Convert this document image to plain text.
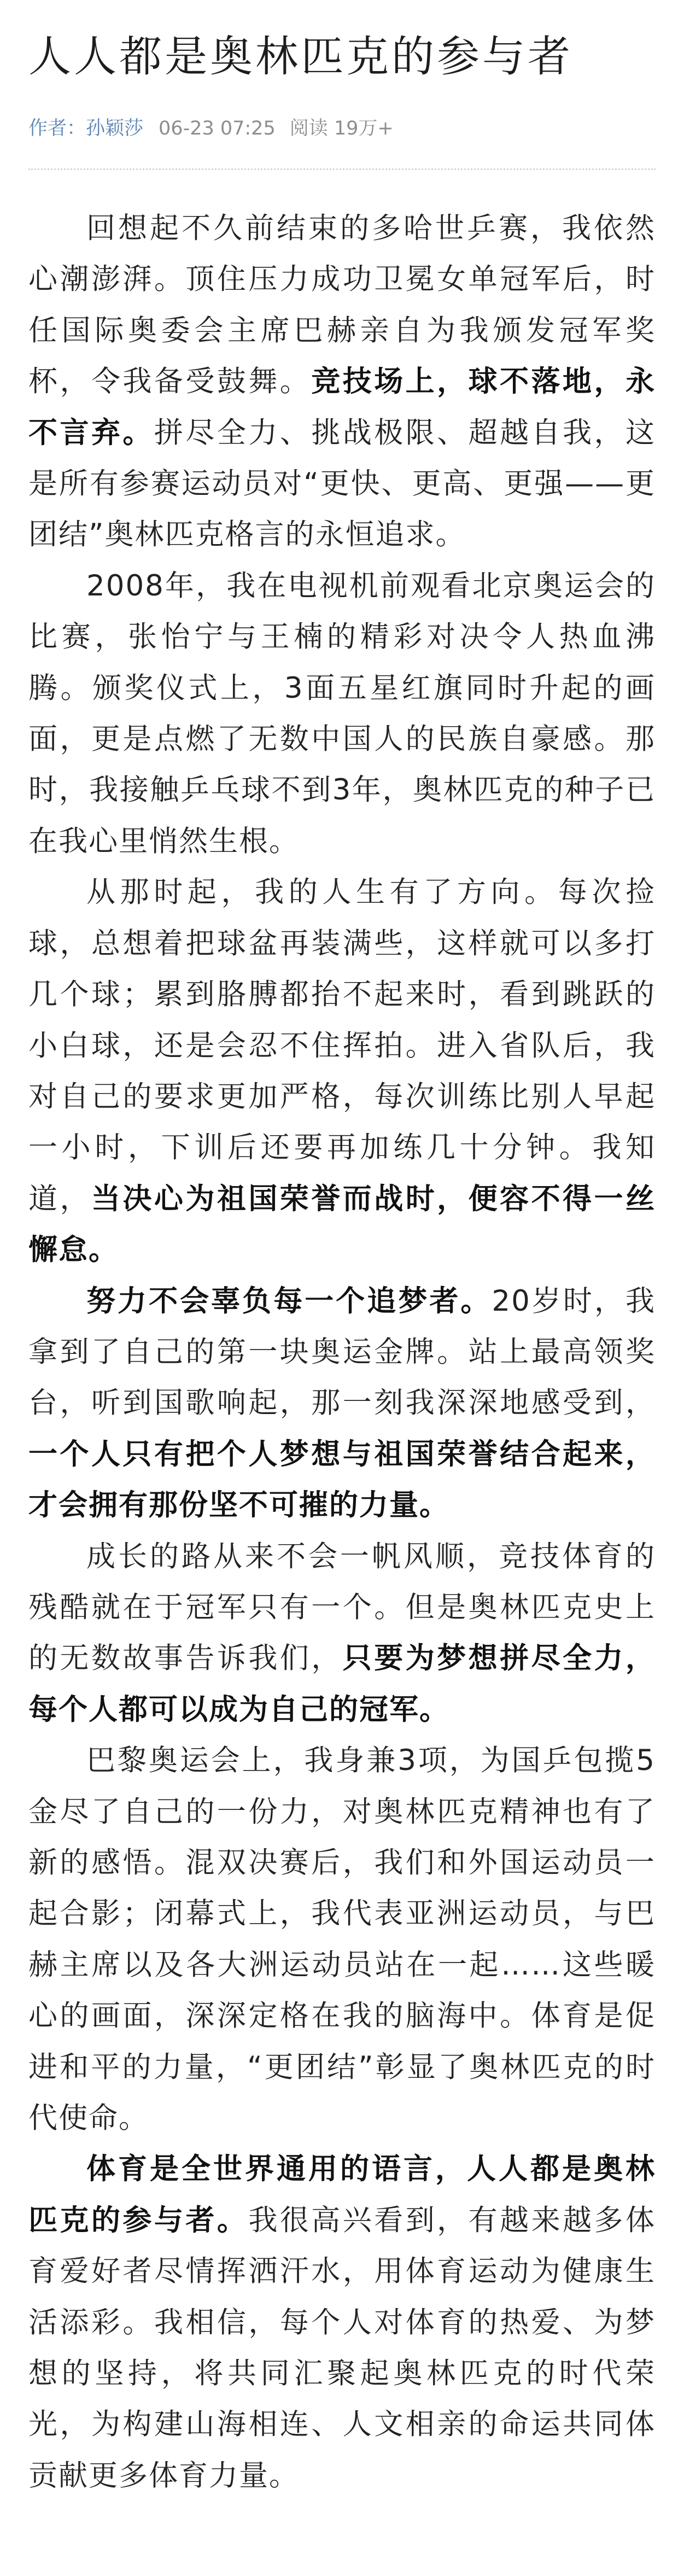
人人都是奥林匹克的参与者
作者：孙颖莎 06-23 07:25 阅读 19万+

回想起不久前结束的多哈世乒赛，我依然心潮澎湃。顶住压力成功卫冕女单冠军后，时任国际奥委会主席巴赫亲自为我颁发冠军奖杯，令我备受鼓舞。竞技场上，球不落地，永不言弃。拼尽全力、挑战极限、超越自我，这是所有参赛运动员对“更快、更高、更强——更团结”奥林匹克格言的永恒追求。

2008年，我在电视机前观看北京奥运会的比赛，张怡宁与王楠的精彩对决令人热血沸腾。颁奖仪式上，3面五星红旗同时升起的画面，更是点燃了无数中国人的民族自豪感。那时，我接触乒乓球不到3年，奥林匹克的种子已在我心里悄然生根。

从那时起，我的人生有了方向。每次捡球，总想着把球盆再装满些，这样就可以多打几个球；累到胳膊都抬不起来时，看到跳跃的小白球，还是会忍不住挥拍。进入省队后，我对自己的要求更加严格，每次训练比别人早起一小时，下训后还要再加练几十分钟。我知道，当决心为祖国荣誉而战时，便容不得一丝懈怠。

努力不会辜负每一个追梦者。20岁时，我拿到了自己的第一块奥运金牌。站上最高领奖台，听到国歌响起，那一刻我深深地感受到，一个人只有把个人梦想与祖国荣誉结合起来，才会拥有那份坚不可摧的力量。

成长的路从来不会一帆风顺，竞技体育的残酷就在于冠军只有一个。但是奥林匹克史上的无数故事告诉我们，只要为梦想拼尽全力，每个人都可以成为自己的冠军。

巴黎奥运会上，我身兼3项，为国乒包揽5金尽了自己的一份力，对奥林匹克精神也有了新的感悟。混双决赛后，我们和外国运动员一起合影；闭幕式上，我代表亚洲运动员，与巴赫主席以及各大洲运动员站在一起……这些暖心的画面，深深定格在我的脑海中。体育是促进和平的力量，“更团结”彰显了奥林匹克的时代使命。

体育是全世界通用的语言，人人都是奥林匹克的参与者。我很高兴看到，有越来越多体育爱好者尽情挥洒汗水，用体育运动为健康生活添彩。我相信，每个人对体育的热爱、为梦想的坚持，将共同汇聚起奥林匹克的时代荣光，为构建山海相连、人文相亲的命运共同体贡献更多体育力量。
